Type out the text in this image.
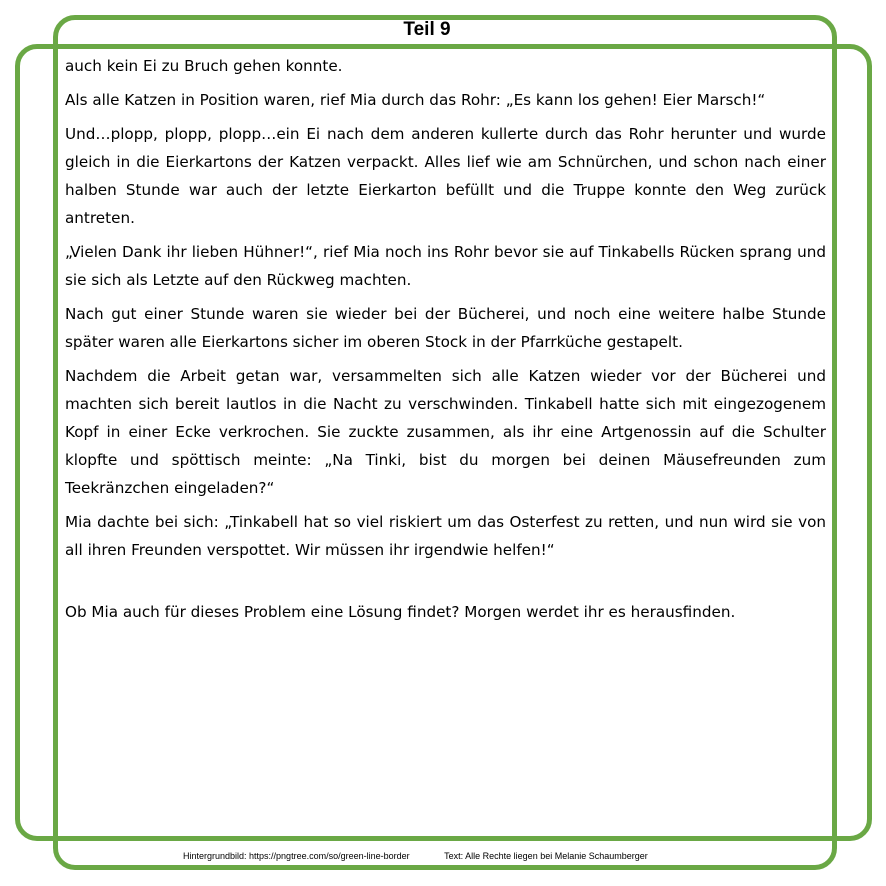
Teil 9

auch kein Ei zu Bruch gehen konnte.

Als alle Katzen in Position waren, rief Mia durch das Rohr: „Es kann los gehen! Eier Marsch!“

Und…plopp, plopp, plopp…ein Ei nach dem anderen kullerte durch das Rohr herunter und wurde gleich in die Eierkartons der Katzen verpackt. Alles lief wie am Schnürchen, und schon nach einer halben Stunde war auch der letzte Eierkarton befüllt und die Truppe konnte den Weg zurück antreten.

„Vielen Dank ihr lieben Hühner!“, rief Mia noch ins Rohr bevor sie auf Tinkabells Rücken sprang und sie sich als Letzte auf den Rückweg machten.

Nach gut einer Stunde waren sie wieder bei der Bücherei, und noch eine weitere halbe Stunde später waren alle Eierkartons sicher im oberen Stock in der Pfarrküche gestapelt.

Nachdem die Arbeit getan war, versammelten sich alle Katzen wieder vor der Bücherei und machten sich bereit lautlos in die Nacht zu verschwinden. Tinkabell hatte sich mit eingezogenem Kopf in einer Ecke verkrochen. Sie zuckte zusammen, als ihr eine Artgenossin auf die Schulter klopfte und spöttisch meinte: „Na Tinki, bist du morgen bei deinen Mäusefreunden zum Teekränzchen eingeladen?“

Mia dachte bei sich: „Tinkabell hat so viel riskiert um das Osterfest zu retten, und nun wird sie von all ihren Freunden verspottet. Wir müssen ihr irgendwie helfen!“

Ob Mia auch für dieses Problem eine Lösung findet? Morgen werdet ihr es herausfinden.

Hintergrundbild: https://pngtree.com/so/green-line-border	Text: Alle Rechte liegen bei Melanie Schaumberger
